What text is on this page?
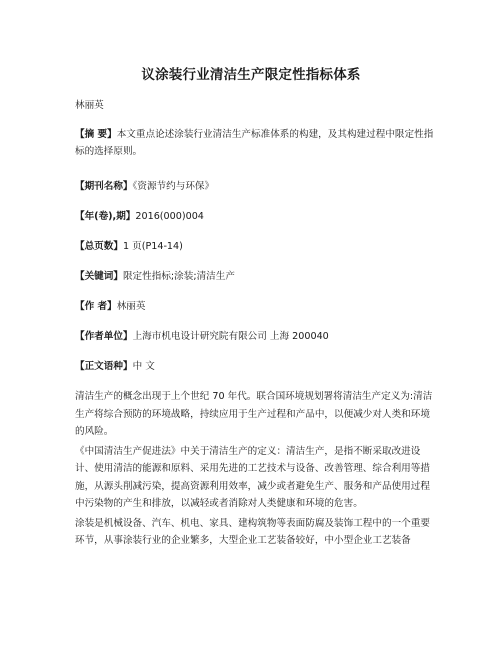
议涂装行业清洁生产限定性指标体系
林丽英
【摘 要】本文重点论述涂装行业清洁生产标准体系的构建，及其构建过程中限定性指标的选择原则。
【期刊名称】《资源节约与环保》
【年(卷),期】2016(000)004
【总页数】1 页(P14-14)
【关键词】限定性指标;涂装;清洁生产
【作 者】林丽英
【作者单位】上海市机电设计研究院有限公司 上海 200040
【正文语种】中 文

清洁生产的概念出现于上个世纪 70 年代。联合国环境规划署将清洁生产定义为:清洁生产将综合预防的环境战略，持续应用于生产过程和产品中，以便减少对人类和环境的风险。

《中国清洁生产促进法》中关于清洁生产的定义：清洁生产，是指不断采取改进设计、使用清洁的能源和原料、采用先进的工艺技术与设备、改善管理、综合利用等措施，从源头削减污染，提高资源利用效率，减少或者避免生产、服务和产品使用过程中污染物的产生和排放，以减轻或者消除对人类健康和环境的危害。

涂装是机械设备、汽车、机电、家具、建构筑物等表面防腐及装饰工程中的一个重要环节，从事涂装行业的企业繁多，大型企业工艺装备较好，中小型企业工艺装备
